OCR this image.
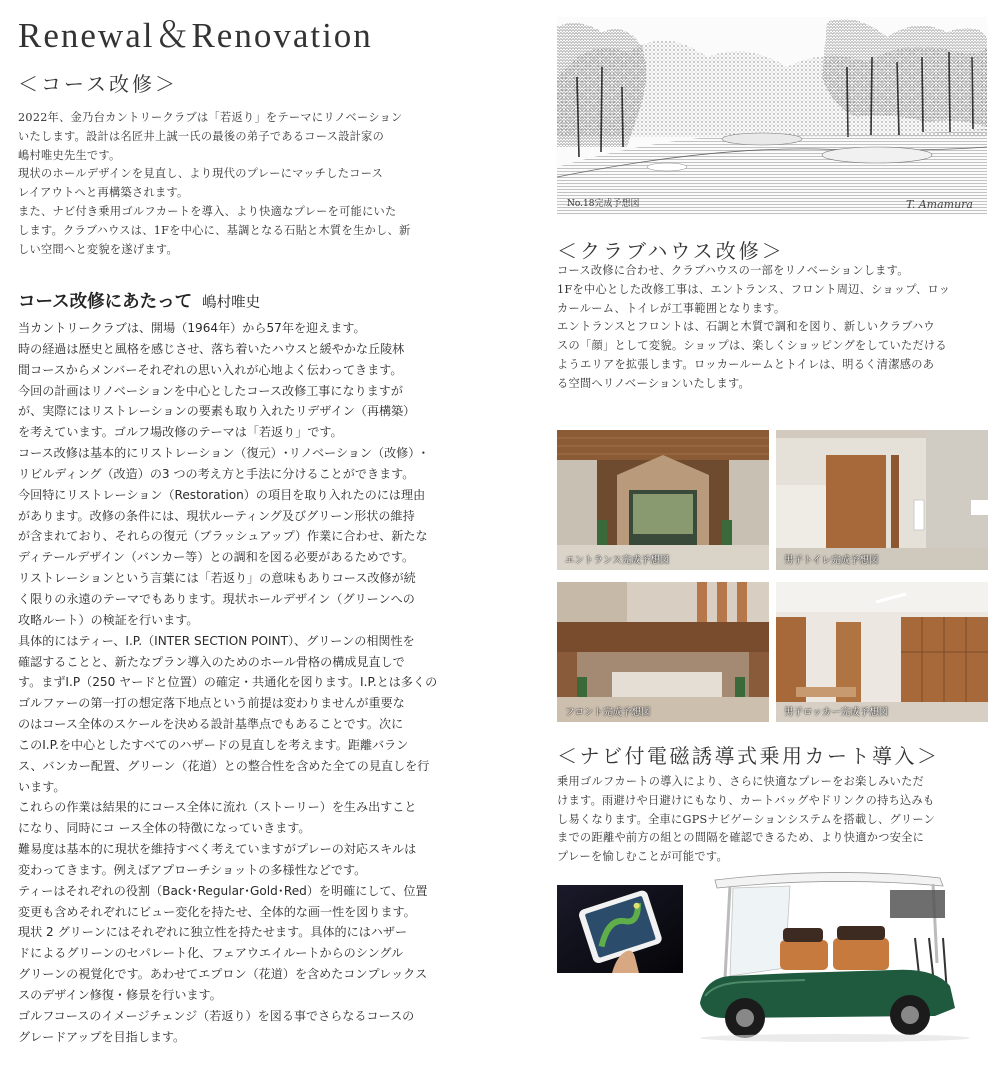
Renewal＆Renovation
＜コース改修＞

2022年、金乃台カントリークラブは「若返り」をテーマにリノベーション

いたします。設計は名匠井上誠一氏の最後の弟子であるコース設計家の

嶋村唯史先生です。

現状のホールデザインを見直し、より現代のプレーにマッチしたコース

レイアウトへと再構築されます。

また、ナビ付き乗用ゴルフカートを導入、より快適なプレーを可能にいた

します。クラブハウスは、1Fを中心に、基調となる石貼と木質を生かし、新

しい空間へと変貌を遂げます。

コース改修にあたって 嶋村唯史

当カントリークラブは、開場（1964年）から57年を迎えます。

時の経過は歴史と風格を感じさせ、落ち着いたハウスと緩やかな丘陵林

間コースからメンバーそれぞれの思い入れが心地よく伝わってきます。

今回の計画はリノベーションを中心としたコース改修工事になりますが

が、実際にはリストレーションの要素も取り入れたリデザイン（再構築）

を考えています。ゴルフ場改修のテーマは「若返り」です。

コース改修は基本的にリストレーション（復元）･リノベーション（改修）･

リビルディング（改造）の3 つの考え方と手法に分けることができます。

今回特にリストレーション（Restoration）の項目を取り入れたのには理由

があります。改修の条件には、現状ルーティング及びグリーン形状の維持

が含まれており、それらの復元（ブラッシュアップ）作業に合わせ、新たな

ディテールデザイン（バンカー等）との調和を図る必要があるためです。

リストレーションという言葉には「若返り」の意味もありコース改修が続

く限りの永遠のテーマでもあります。現状ホールデザイン（グリーンへの

攻略ルート）の検証を行います。

具体的にはティー、I.P.（INTER SECTION POINT）、グリーンの相関性を

確認することと、新たなプラン導入のためのホール骨格の構成見直しで

す。まずI.P（250 ヤードと位置）の確定・共通化を図ります。I.P.とは多くの

ゴルファーの第一打の想定落下地点という前提は変わりませんが重要な

のはコース全体のスケールを決める設計基準点でもあることです。次に

このI.P.を中心としたすべてのハザードの見直しを考えます。距離バラン

ス、バンカー配置、グリーン（花道）との整合性を含めた全ての見直しを行

います。

これらの作業は結果的にコース全体に流れ（ストーリー）を生み出すこと

になり、同時にコ ース全体の特徴になっていきます。

難易度は基本的に現状を維持すべく考えていますがプレーの対応スキルは

変わってきます。例えばアプローチショットの多様性などです。

ティーはそれぞれの役割（Back･Regular･Gold･Red）を明確にして、位置

変更も含めそれぞれにビュー変化を持たせ、全体的な画一性を図ります。

現状 2 グリーンにはそれぞれに独立性を持たせます。具体的にはハザー

ドによるグリーンのセパレート化、フェアウエイルートからのシングル

グリーンの視覚化です。あわせてエプロン（花道）を含めたコンプレックス

スのデザイン修復・修景を行います。

ゴルフコースのイメージチェンジ（若返り）を図る事でさらなるコースの

グレードアップを目指します。

No.18完成予想図	T. Amamura
＜クラブハウス改修＞

コース改修に合わせ、クラブハウスの一部をリノベーションします。

1Fを中心とした改修工事は、エントランス、フロント周辺、ショップ、ロッ

カールーム、トイレが工事範囲となります。

エントランスとフロントは、石調と木質で調和を図り、新しいクラブハウ

スの「顔」として変貌。ショップは、楽しくショッピングをしていただける

ようエリアを拡張します。ロッカールームとトイレは、明るく清潔感のあ

る空間へリノベーションいたします。

エントランス完成予想図	男子トイレ完成予想図
フロント完成予想図	男子ロッカー完成予想図
＜ナビ付電磁誘導式乗用カート導入＞

乗用ゴルフカートの導入により、さらに快適なプレーをお楽しみいただ

けます。雨避けや日避けにもなり、カートバッグやドリンクの持ち込みも

し易くなります。全車にGPSナビゲーションシステムを搭載し、グリーン

までの距離や前方の組との間隔を確認できるため、より快適かつ安全に

プレーを愉しむことが可能です。
